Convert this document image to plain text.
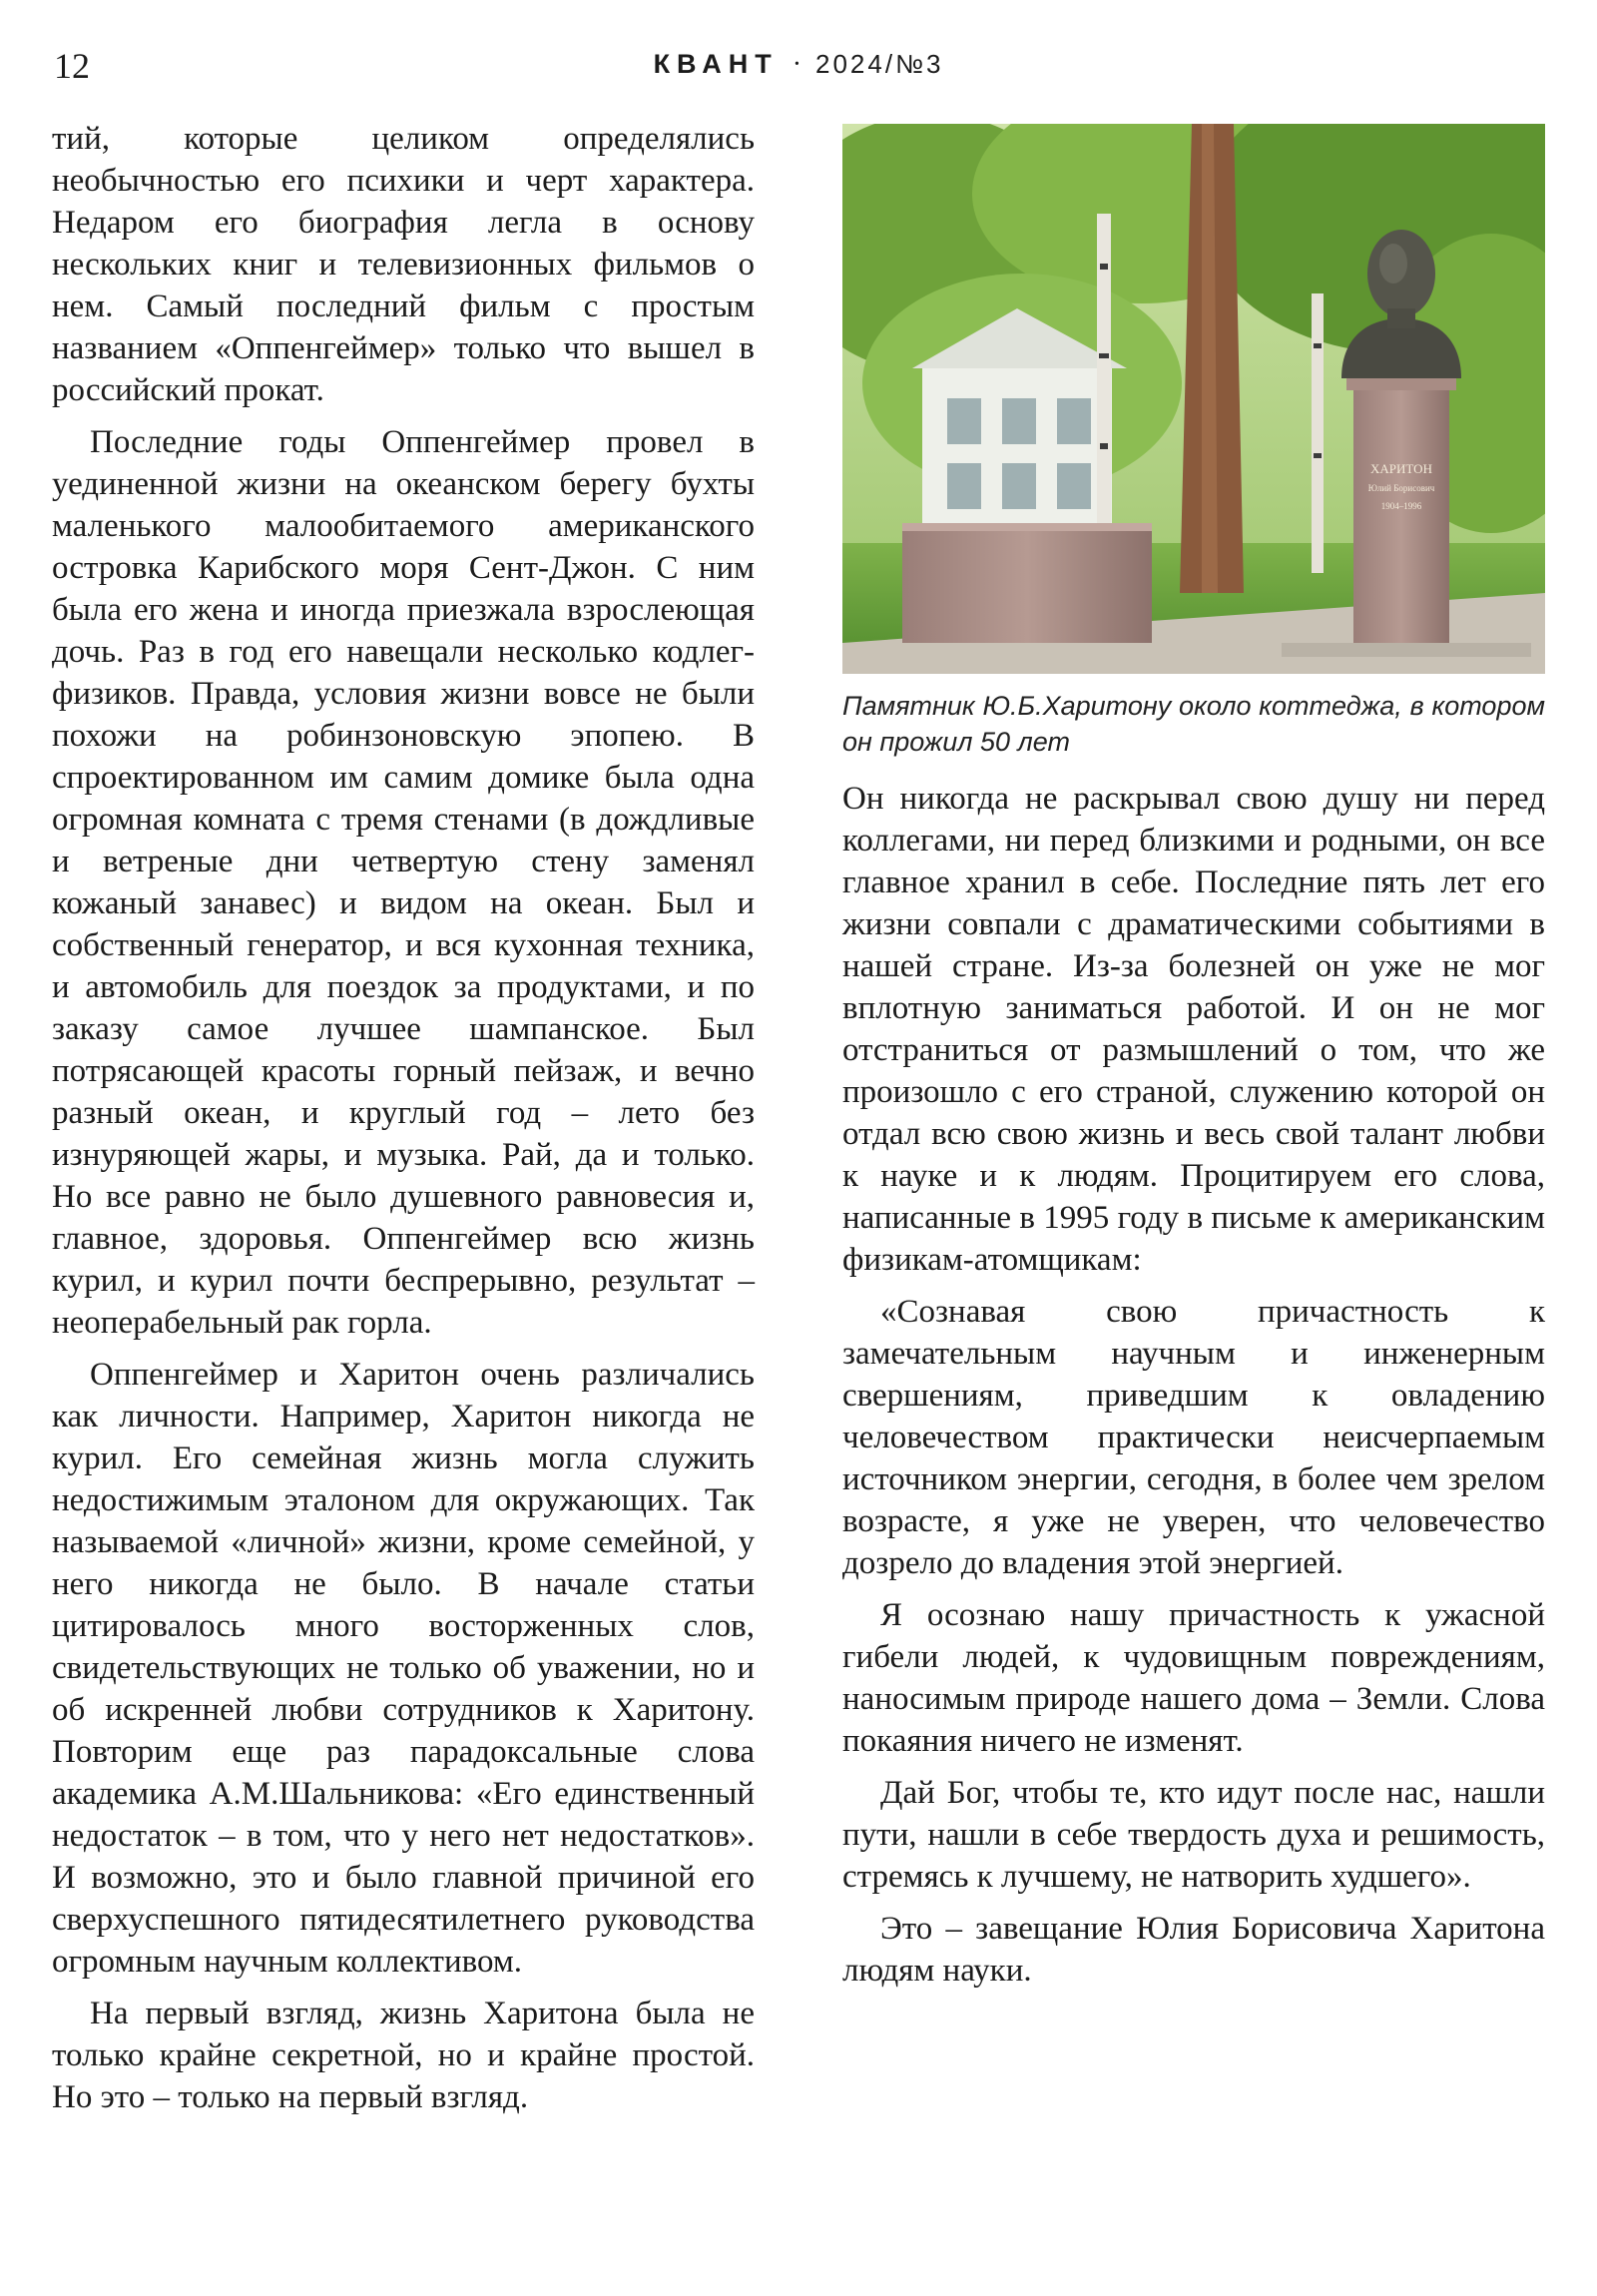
12	КВАНТ · 2024/№3

тий, которые целиком определялись необычностью его психики и черт характера. Недаром его биография легла в основу нескольких книг и телевизионных фильмов о нем. Самый последний фильм с простым названием «Оппенгеймер» только что вышел в российский прокат.

Последние годы Оппенгеймер провел в уединенной жизни на океанском берегу бухты маленького малообитаемого американского островка Карибского моря Сент-Джон. С ним была его жена и иногда приезжала взрослеющая дочь. Раз в год его навещали несколько кодлег-физиков. Правда, условия жизни вовсе не были похожи на робинзоновскую эпопею. В спроектированном им самим домике была одна огромная комната с тремя стенами (в дождливые и ветреные дни четвертую стену заменял кожаный занавес) и видом на океан. Был и собственный генератор, и вся кухонная техника, и автомобиль для поездок за продуктами, и по заказу самое лучшее шампанское. Был потрясающей красоты горный пейзаж, и вечно разный океан, и круглый год – лето без изнуряющей жары, и музыка. Рай, да и только. Но все равно не было душевного равновесия и, главное, здоровья. Оппенгеймер всю жизнь курил, и курил почти беспрерывно, результат – неоперабельный рак горла.

Оппенгеймер и Харитон очень различались как личности. Например, Харитон никогда не курил. Его семейная жизнь могла служить недостижимым эталоном для окружающих. Так называемой «личной» жизни, кроме семейной, у него никогда не было. В начале статьи цитировалось много восторженных слов, свидетельствующих не только об уважении, но и об искренней любви сотрудников к Харитону. Повторим еще раз парадоксальные слова академика А.М.Шальникова: «Его единственный недостаток – в том, что у него нет недостатков». И возможно, это и было главной причиной его сверхуспешного пятидесятилетнего руководства огромным научным коллективом.

На первый взгляд, жизнь Харитона была не только крайне секретной, но и крайне простой. Но это – только на первый взгляд.

ХАРИТОН
Юлий Борисович
1904–1996
Памятник Ю.Б.Харитону около коттеджа, в котором он прожил 50 лет

Он никогда не раскрывал свою душу ни перед коллегами, ни перед близкими и родными, он все главное хранил в себе. Последние пять лет его жизни совпали с драматическими событиями в нашей стране. Из-за болезней он уже не мог вплотную заниматься работой. И он не мог отстраниться от размышлений о том, что же произошло с его страной, служению которой он отдал всю свою жизнь и весь свой талант любви к науке и к людям. Процитируем его слова, написанные в 1995 году в письме к американским физикам-атомщикам:

«Сознавая свою причастность к замечательным научным и инженерным свершениям, приведшим к овладению человечеством практически неисчерпаемым источником энергии, сегодня, в более чем зрелом возрасте, я уже не уверен, что человечество дозрело до владения этой энергией.

Я осознаю нашу причастность к ужасной гибели людей, к чудовищным повреждениям, наносимым природе нашего дома – Земли. Слова покаяния ничего не изменят.

Дай Бог, чтобы те, кто идут после нас, нашли пути, нашли в себе твердость духа и решимость, стремясь к лучшему, не натворить худшего».

Это – завещание Юлия Борисовича Харитона людям науки.
